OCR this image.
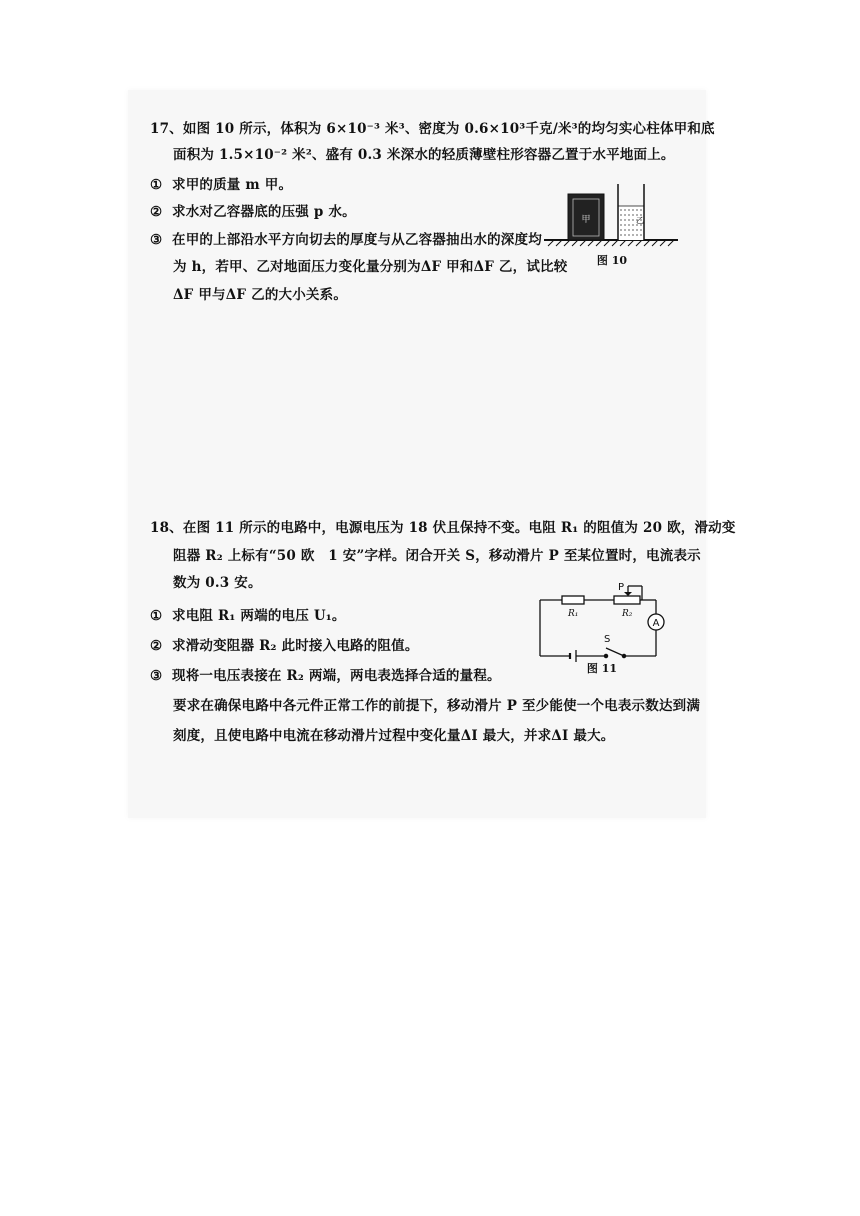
17、如图 10 所示，体积为 6×10⁻³ 米³、密度为 0.6×10³千克/米³的均匀实心柱体甲和底
面积为 1.5×10⁻² 米²、盛有 0.3 米深水的轻质薄壁柱形容器乙置于水平地面上。
① 求甲的质量 m 甲。
② 求水对乙容器底的压强 p 水。
③ 在甲的上部沿水平方向切去的厚度与从乙容器抽出水的深度均
为 h，若甲、乙对地面压力变化量分别为ΔF 甲和ΔF 乙，试比较
ΔF 甲与ΔF 乙的大小关系。
甲	乙
图 10
18、在图 11 所示的电路中，电源电压为 18 伏且保持不变。电阻 R₁ 的阻值为 20 欧，滑动变
阻器 R₂ 上标有“50 欧　1 安”字样。闭合开关 S，移动滑片 P 至某位置时，电流表示
数为 0.3 安。
① 求电阻 R₁ 两端的电压 U₁。
② 求滑动变阻器 R₂ 此时接入电路的阻值。
③ 现将一电压表接在 R₂ 两端，两电表选择合适的量程。
要求在确保电路中各元件正常工作的前提下，移动滑片 P 至少能使一个电表示数达到满
刻度，且使电路中电流在移动滑片过程中变化量ΔI 最大，并求ΔI 最大。
A
P
R₁	R₂
S
图 11
